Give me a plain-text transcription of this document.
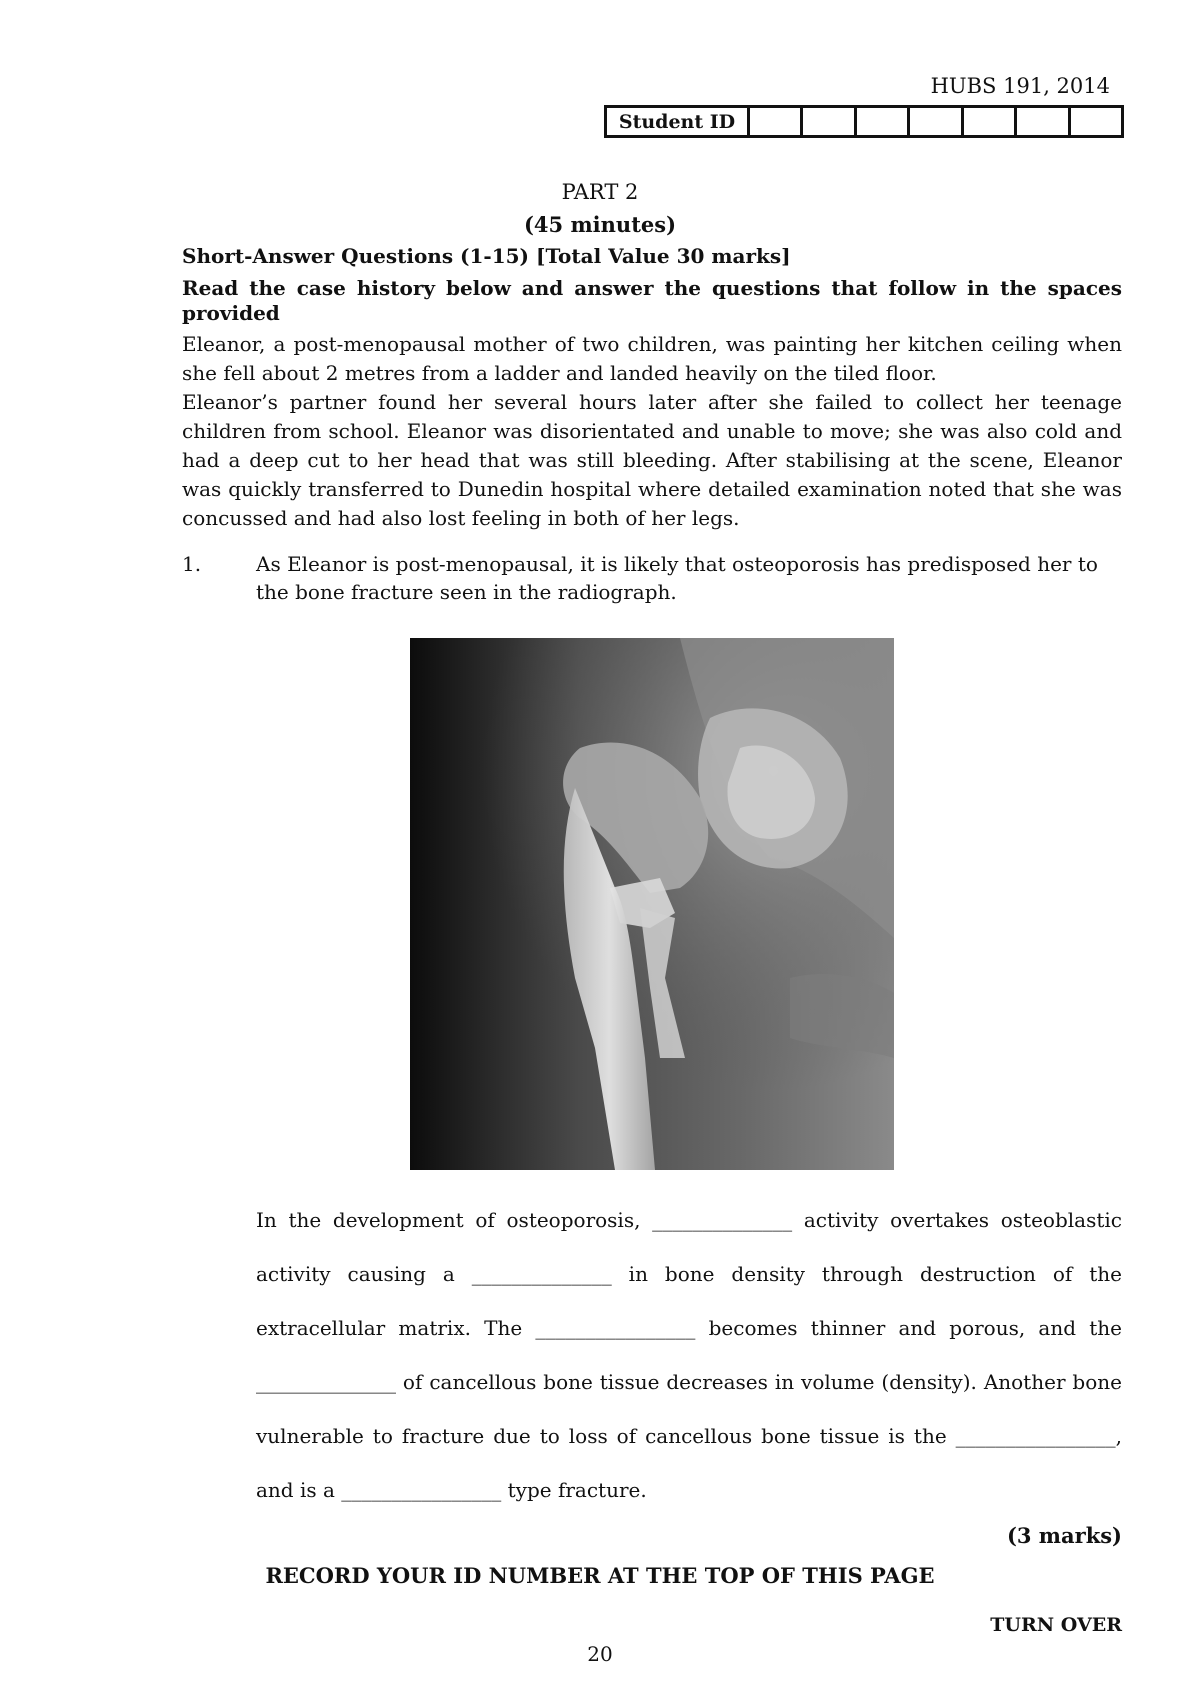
HUBS 191, 2014
Student ID
PART 2
(45 minutes)
Short-Answer Questions (1-15) [Total Value 30 marks]
Read the case history below and answer the questions that follow in the spaces provided

Eleanor, a post-menopausal mother of two children, was painting her kitchen ceiling when she fell about 2 metres from a ladder and landed heavily on the tiled floor.

Eleanor’s partner found her several hours later after she failed to collect her teenage children from school. Eleanor was disorientated and unable to move; she was also cold and had a deep cut to her head that was still bleeding. After stabilising at the scene, Eleanor was quickly transferred to Dunedin hospital where detailed examination noted that she was concussed and had also lost feeling in both of her legs.

1.	As Eleanor is post-menopausal, it is likely that osteoporosis has predisposed her to the bone fracture seen in the radiograph.
In the development of osteoporosis, ______________ activity overtakes osteoblastic activity causing a ______________ in bone density through destruction of the extracellular matrix. The ________________ becomes thinner and porous, and the ______________ of cancellous bone tissue decreases in volume (density). Another bone vulnerable to fracture due to loss of cancellous bone tissue is the ________________, and is a ________________ type fracture.
(3 marks)
RECORD YOUR ID NUMBER AT THE TOP OF THIS PAGE
TURN OVER
20
